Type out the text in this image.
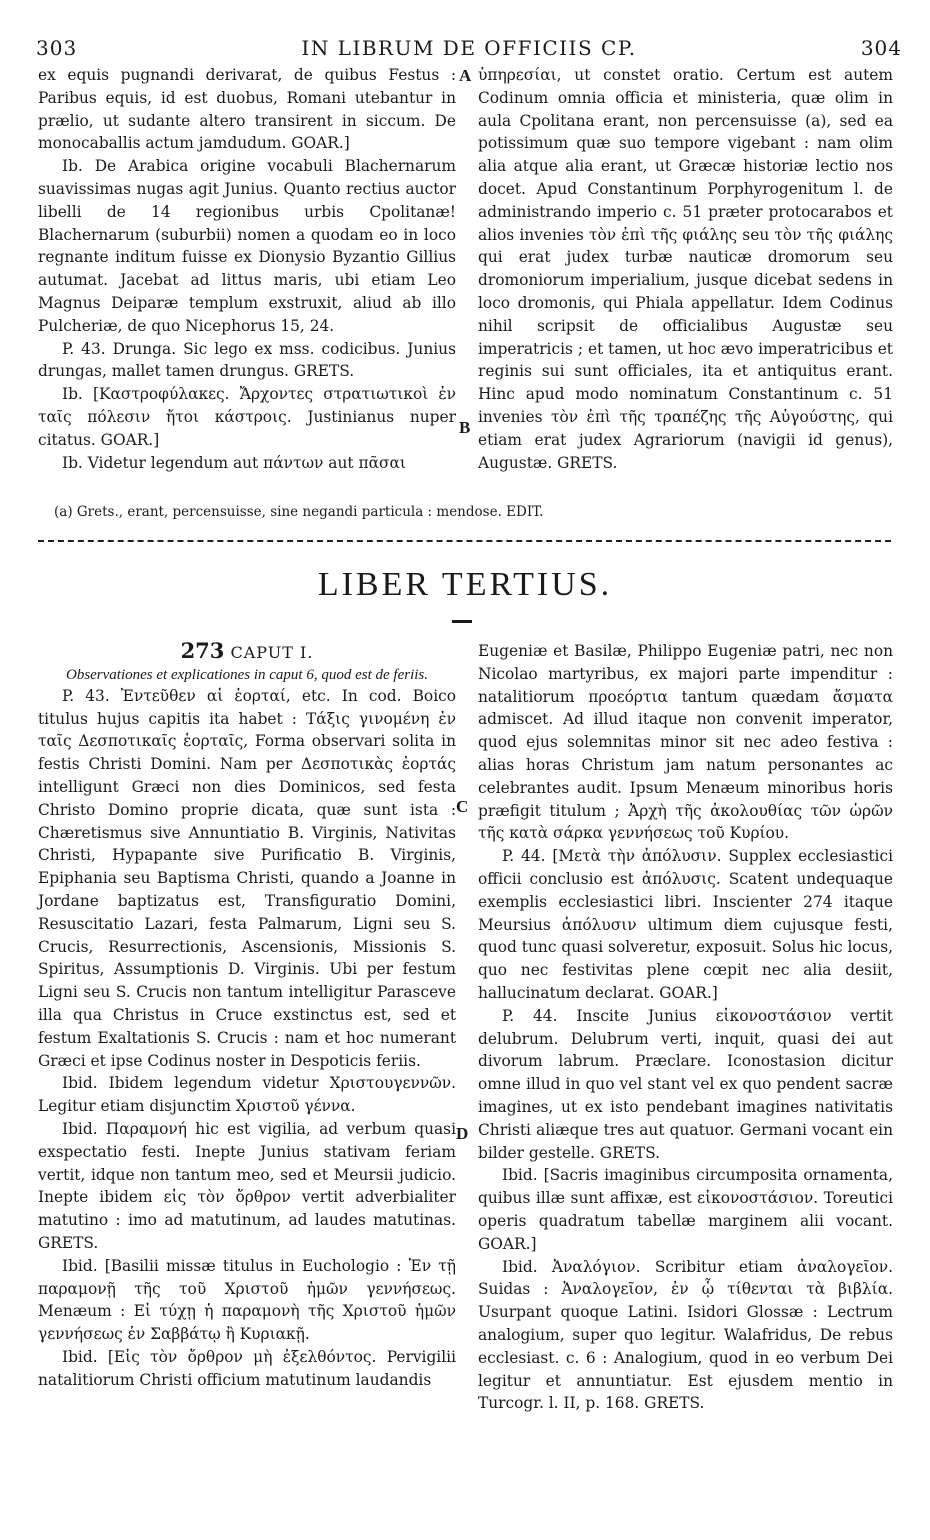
303	IN LIBRUM DE OFFICIIS CP.	304

ex equis pugnandi derivarat, de quibus Festus : Paribus equis, id est duobus, Romani utebantur in prælio, ut sudante altero transirent in siccum. De monocaballis actum jamdudum. GOAR.]

Ib. De Arabica origine vocabuli Blachernarum suavissimas nugas agit Junius. Quanto rectius auctor libelli de 14 regionibus urbis Cpolitanæ! Blachernarum (suburbii) nomen a quodam eo in loco regnante inditum fuisse ex Dionysio Byzantio Gillius autumat. Jacebat ad littus maris, ubi etiam Leo Magnus Deiparæ templum exstruxit, aliud ab illo Pulcheriæ, de quo Nicephorus 15, 24.

P. 43. Drunga. Sic lego ex mss. codicibus. Junius drungas, mallet tamen drungus. GRETS.

Ib. [Καστροφύλακες. Ἄρχοντες στρατιωτικοὶ ἐν ταῖς πόλεσιν ἤτοι κάστροις. Justinianus nuper citatus. GOAR.]

Ib. Videtur legendum aut πάντων aut πᾶσαι

ὑπηρεσίαι, ut constet oratio. Certum est autem Codinum omnia officia et ministeria, quæ olim in aula Cpolitana erant, non percensuisse (a), sed ea potissimum quæ suo tempore vigebant : nam olim alia atque alia erant, ut Græcæ historiæ lectio nos docet. Apud Constantinum Porphyrogenitum l. de administrando imperio c. 51 præter protocarabos et alios invenies τὸν ἐπὶ τῆς φιάλης seu τὸν τῆς φιάλης qui erat judex turbæ nauticæ dromorum seu dromoniorum imperialium, jusque dicebat sedens in loco dromonis, qui Phiala appellatur. Idem Codinus nihil scripsit de officialibus Augustæ seu imperatricis ; et tamen, ut hoc ævo imperatricibus et reginis sui sunt officiales, ita et antiquitus erant. Hinc apud modo nominatum Constantinum c. 51 invenies τὸν ἐπὶ τῆς τραπέζης τῆς Αὐγούστης, qui etiam erat judex Agrariorum (navigii id genus), Augustæ. GRETS.

A
B
(a) Grets., erant, percensuisse, sine negandi particula : mendose. EDIT.
LIBER TERTIUS.

273 CAPUT I.

Observationes et explicationes in caput 6, quod est de feriis.

P. 43. Ἐντεῦθεν αἱ ἑορταί, etc. In cod. Boico titulus hujus capitis ita habet : Τάξις γινομένη ἐν ταῖς Δεσποτικαῖς ἑορταῖς, Forma observari solita in festis Christi Domini. Nam per Δεσποτικὰς ἑορτάς intelligunt Græci non dies Dominicos, sed festa Christo Domino proprie dicata, quæ sunt ista : Chæretismus sive Annuntiatio B. Virginis, Nativitas Christi, Hypapante sive Purificatio B. Virginis, Epiphania seu Baptisma Christi, quando a Joanne in Jordane baptizatus est, Transfiguratio Domini, Resuscitatio Lazari, festa Palmarum, Ligni seu S. Crucis, Resurrectionis, Ascensionis, Missionis S. Spiritus, Assumptionis D. Virginis. Ubi per festum Ligni seu S. Crucis non tantum intelligitur Parasceve illa qua Christus in Cruce exstinctus est, sed et festum Exaltationis S. Crucis : nam et hoc numerant Græci et ipse Codinus noster in Despoticis feriis.

Ibid. Ibidem legendum videtur Χριστουγεννῶν. Legitur etiam disjunctim Χριστοῦ γέννα.

Ibid. Παραμονή hic est vigilia, ad verbum quasi exspectatio festi. Inepte Junius stativam feriam vertit, idque non tantum meo, sed et Meursii judicio. Inepte ibidem εἰς τὸν ὄρθρον vertit adverbialiter matutino : imo ad matutinum, ad laudes matutinas. GRETS.

Ibid. [Basilii missæ titulus in Euchologio : Ἐν τῇ παραμονῇ τῆς τοῦ Χριστοῦ ἡμῶν γεννήσεως. Menæum : Εἰ τύχῃ ἡ παραμονὴ τῆς Χριστοῦ ἡμῶν γεννήσεως ἐν Σαββάτῳ ἢ Κυριακῇ.

Ibid. [Εἰς τὸν ὄρθρον μὴ ἐξελθόντος. Pervigilii natalitiorum Christi officium matutinum laudandis

Eugeniæ et Basilæ, Philippo Eugeniæ patri, nec non Nicolao martyribus, ex majori parte impenditur : natalitiorum προεόρτια tantum quædam ἄσματα admiscet. Ad illud itaque non convenit imperator, quod ejus solemnitas minor sit nec adeo festiva : alias horas Christum jam natum personantes ac celebrantes audit. Ipsum Menæum minoribus horis præfigit titulum ; Ἀρχὴ τῆς ἀκολουθίας τῶν ὡρῶν τῆς κατὰ σάρκα γεννήσεως τοῦ Κυρίου.

P. 44. [Μετὰ τὴν ἀπόλυσιν. Supplex ecclesiastici officii conclusio est ἀπόλυσις. Scatent undequaque exemplis ecclesiastici libri. Inscienter 274 itaque Meursius ἀπόλυσιν ultimum diem cujusque festi, quod tunc quasi solveretur, exposuit. Solus hic locus, quo nec festivitas plene cœpit nec alia desiit, hallucinatum declarat. GOAR.]

P. 44. Inscite Junius εἰκονοστάσιον vertit delubrum. Delubrum verti, inquit, quasi dei aut divorum labrum. Præclare. Iconostasion dicitur omne illud in quo vel stant vel ex quo pendent sacræ imagines, ut ex isto pendebant imagines nativitatis Christi aliæque tres aut quatuor. Germani vocant ein bilder gestelle. GRETS.

Ibid. [Sacris imaginibus circumposita ornamenta, quibus illæ sunt affixæ, est εἰκονοστάσιον. Toreutici operis quadratum tabellæ marginem alii vocant. GOAR.]

Ibid. Ἀναλόγιον. Scribitur etiam ἀναλογεῖον. Suidas : Ἀναλογεῖον, ἐν ᾧ τίθενται τὰ βιβλία. Usurpant quoque Latini. Isidori Glossæ : Lectrum analogium, super quo legitur. Walafridus, De rebus ecclesiast. c. 6 : Analogium, quod in eo verbum Dei legitur et annuntiatur. Est ejusdem mentio in Turcogr. l. II, p. 168. GRETS.

C
D
